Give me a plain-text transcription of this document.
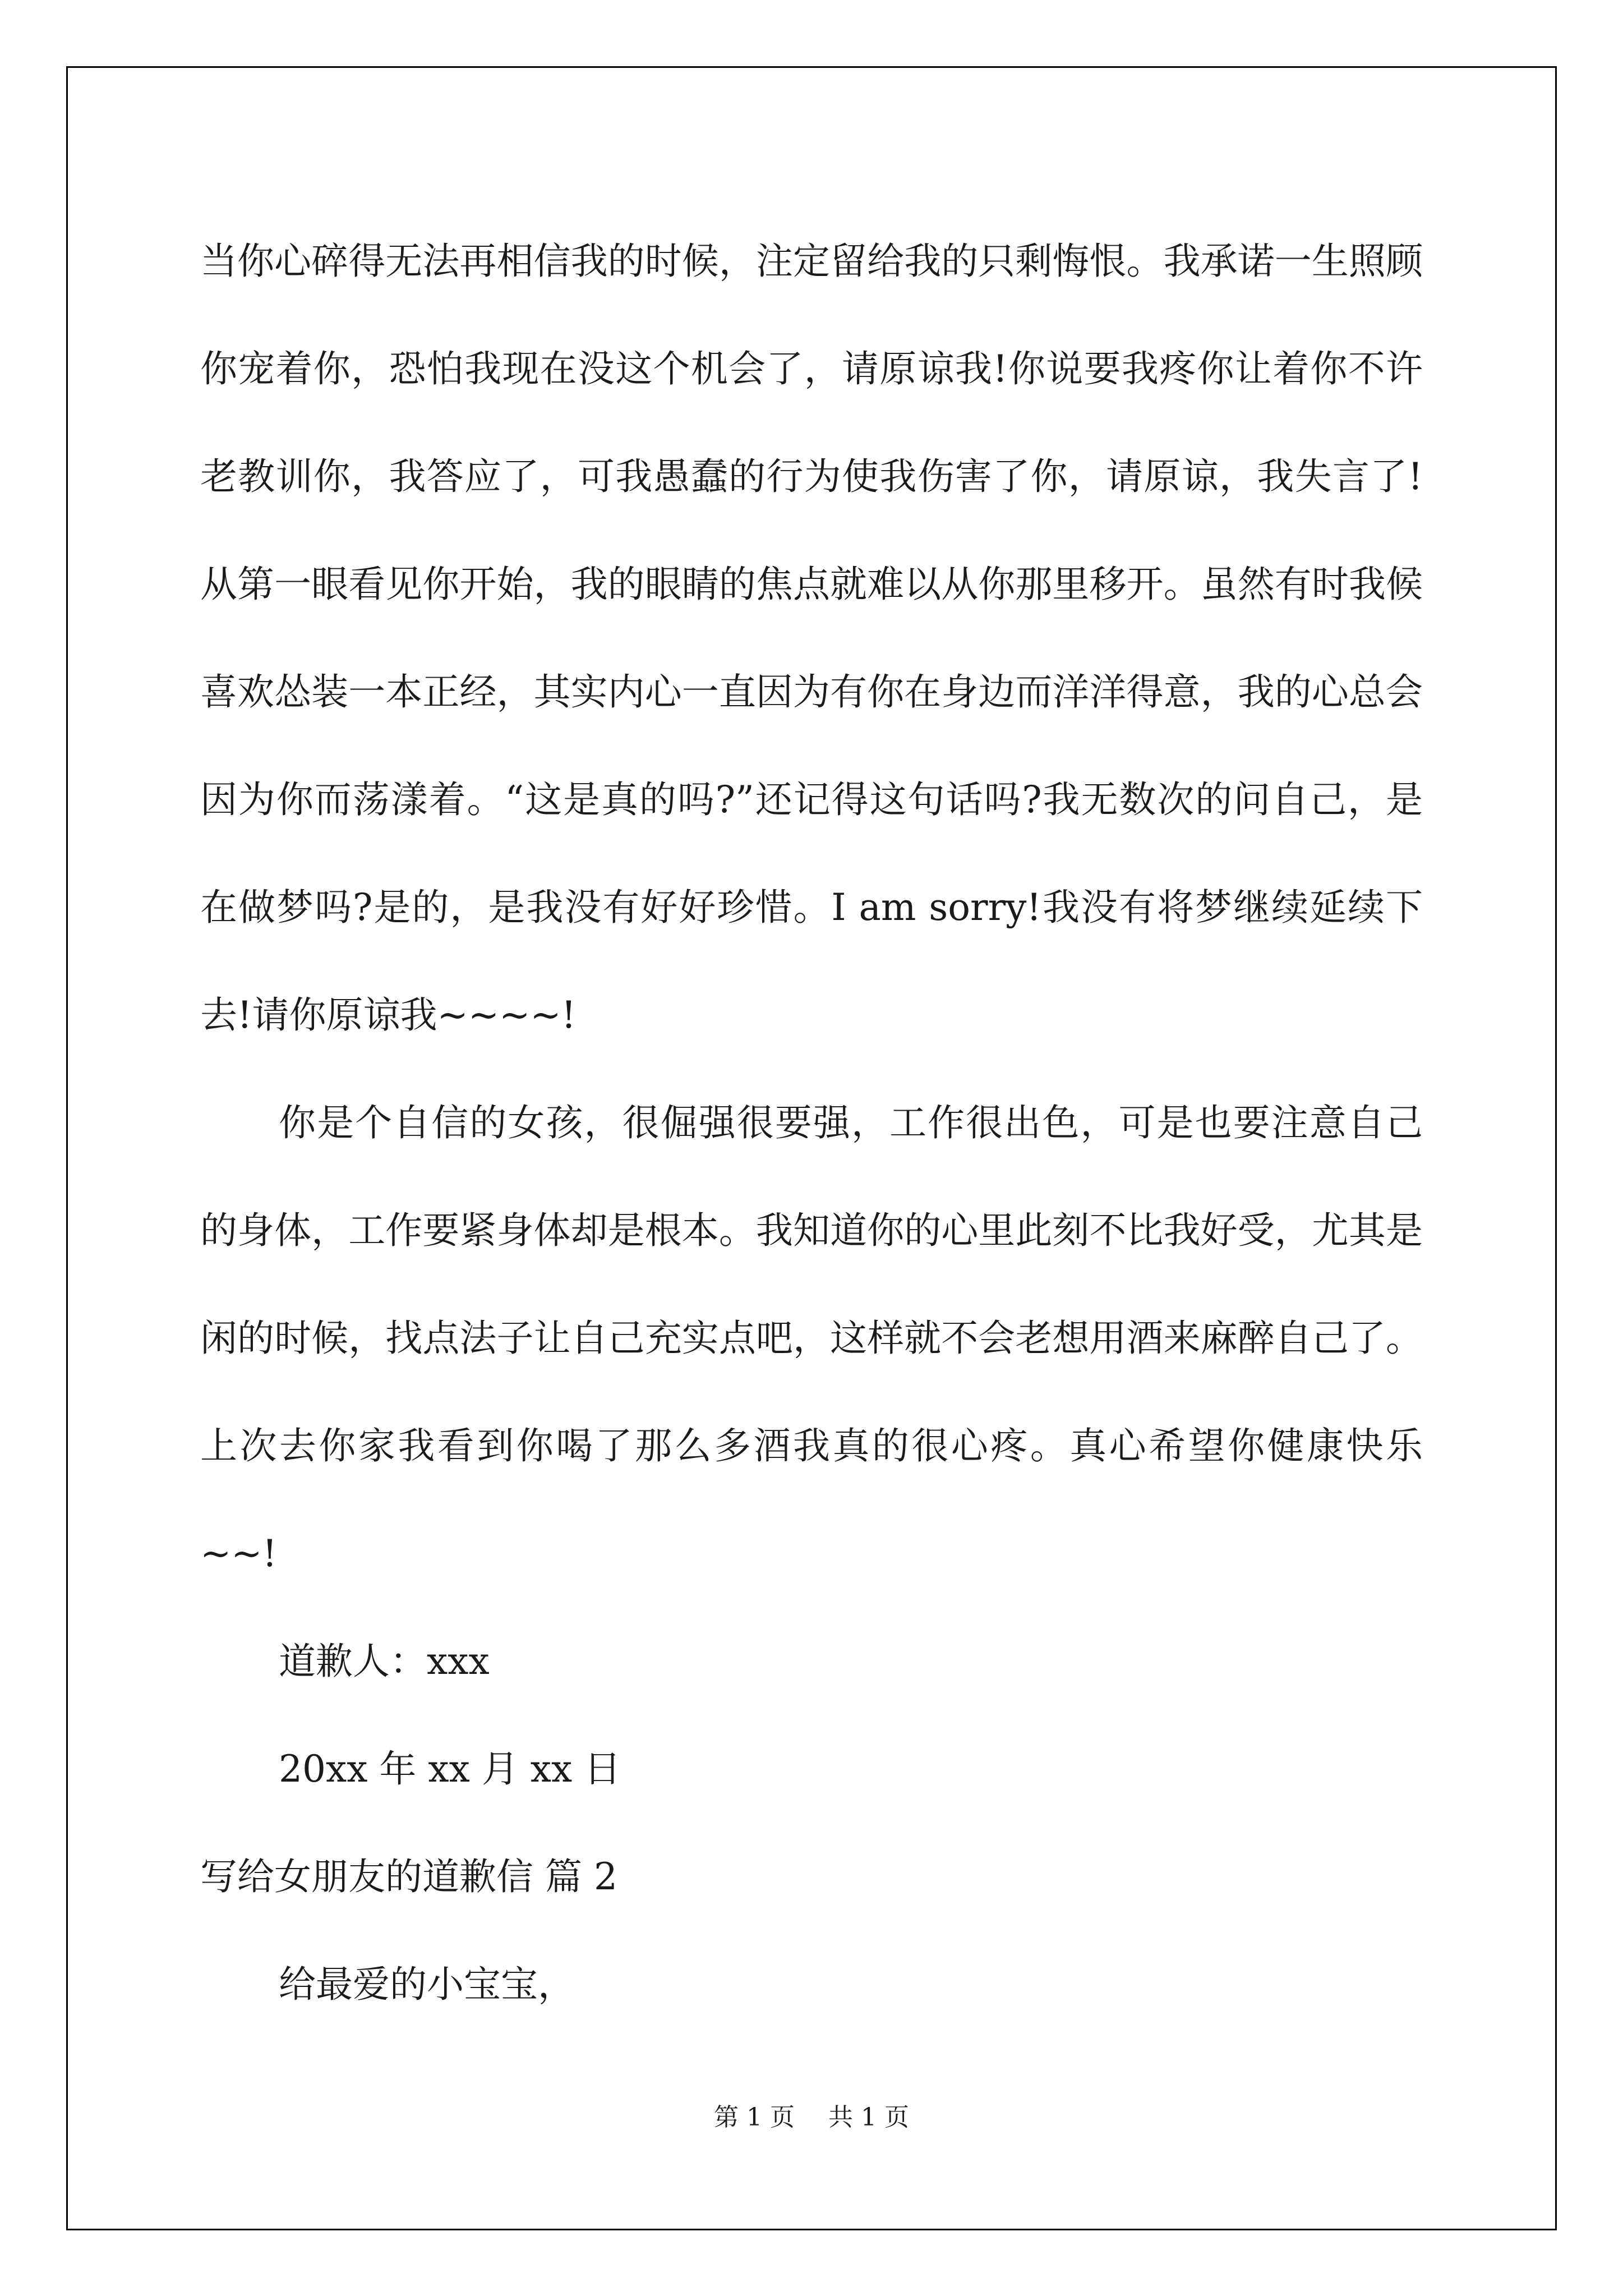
当你心碎得无法再相信我的时候，注定留给我的只剩悔恨。我承诺一生照顾你宠着你，恐怕我现在没这个机会了，请原谅我!你说要我疼你让着你不许老教训你，我答应了，可我愚蠢的行为使我伤害了你，请原谅，我失言了!从第一眼看见你开始，我的眼睛的焦点就难以从你那里移开。虽然有时我候喜欢怂装一本正经，其实内心一直因为有你在身边而洋洋得意，我的心总会因为你而荡漾着。“这是真的吗?”还记得这句话吗?我无数次的问自己，是在做梦吗?是的，是我没有好好珍惜。I am sorry!我没有将梦继续延续下去!请你原谅我~~~~!

你是个自信的女孩，很倔强很要强，工作很出色，可是也要注意自己的身体，工作要紧身体却是根本。我知道你的心里此刻不比我好受，尤其是闲的时候，找点法子让自己充实点吧，这样就不会老想用酒来麻醉自己了。上次去你家我看到你喝了那么多酒我真的很心疼。真心希望你健康快乐~~!

道歉人：xxx

20xx 年 xx 月 xx 日

写给女朋友的道歉信 篇 2

给最爱的小宝宝，

第 1 页 共 1 页
